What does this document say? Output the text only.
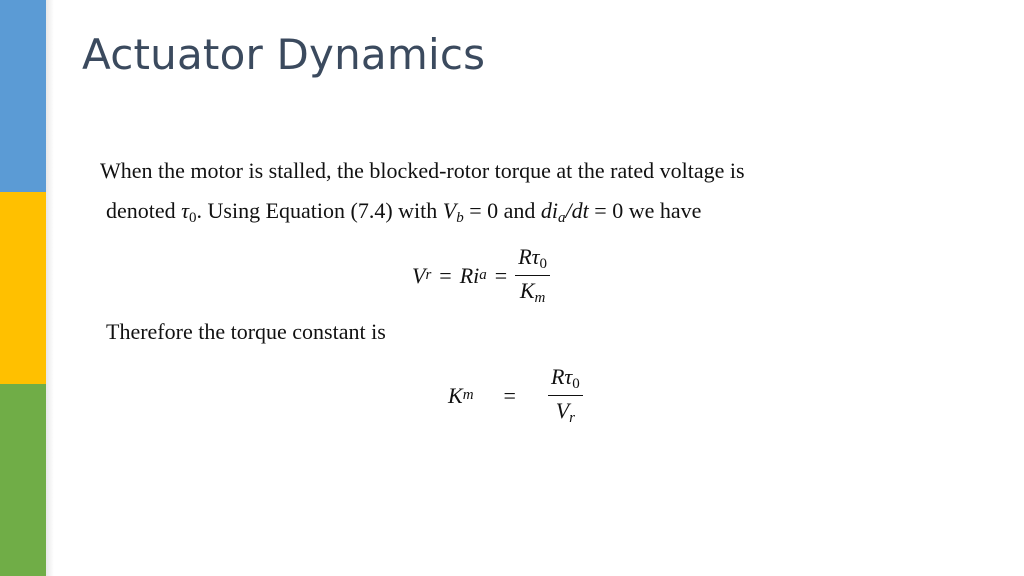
Actuator Dynamics
When the motor is stalled, the blocked-rotor torque at the rated voltage is
denoted $\tau_0$. Using Equation (7.4) with $V_b = 0$ and $di_a/dt = 0$ we have
V r = Ri $a = \frac{R\tau_0}{K_m}$
Therefore the torque constant is
K $m = \frac{R\tau_0}{V_r}$
